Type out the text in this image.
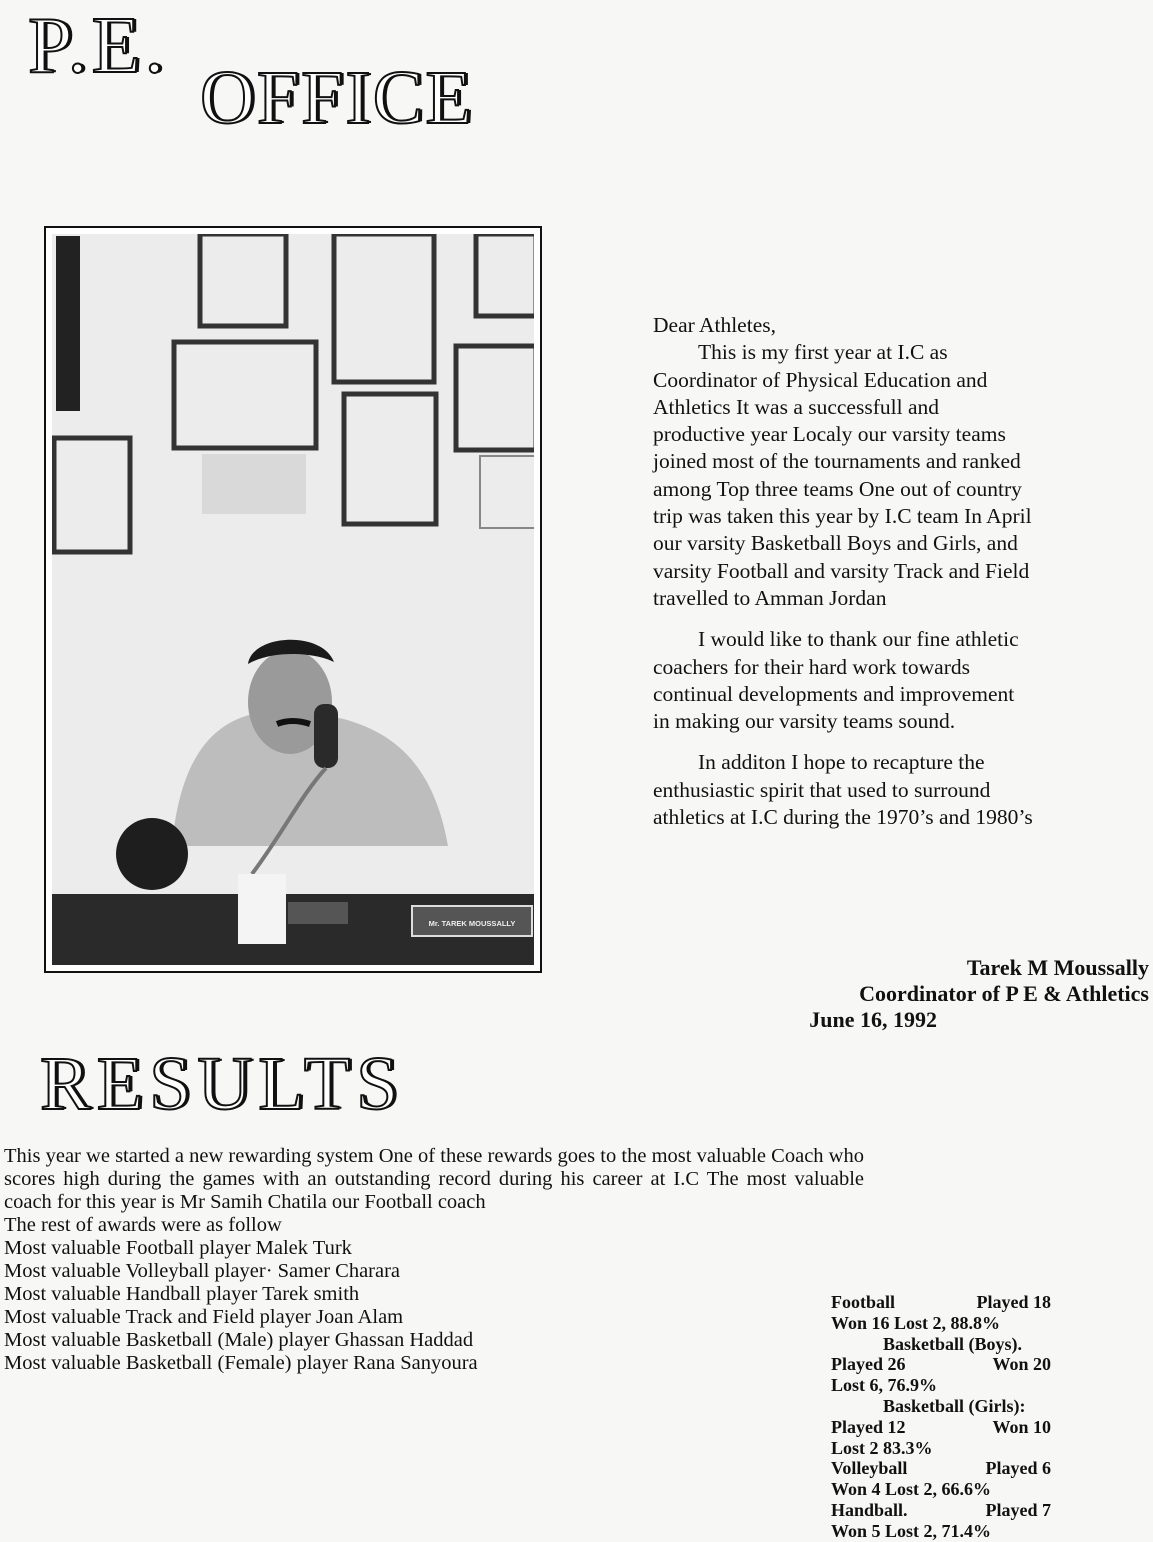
P.E.
OFFICE
Mr. TAREK MOUSSALLY

Dear Athletes,

This is my first year at I.C as Coordinator of Physical Education and Athletics It was a successfull and productive year Localy our varsity teams joined most of the tournaments and ranked among Top three teams One out of country trip was taken this year by I.C team In April our varsity Basketball Boys and Girls, and varsity Football and varsity Track and Field travelled to Amman Jordan

I would like to thank our fine athletic coachers for their hard work towards continual developments and improvement in making our varsity teams sound.

In additon I hope to recapture the enthusiastic spirit that used to surround athletics at I.C during the 1970’s and 1980’s

Tarek M Moussally
Coordinator of P E & Athletics
June 16, 1992
RESULTS

This year we started a new rewarding system One of these rewards goes to the most valuable Coach who scores high during the games with an outstanding record during his career at I.C The most valuable coach for this year is Mr Samih Chatila our Football coach

The rest of awards were as follow
Most valuable Football player Malek Turk
Most valuable Volleyball player· Samer Charara
Most valuable Handball player Tarek smith
Most valuable Track and Field player Joan Alam
Most valuable Basketball (Male) player Ghassan Haddad
Most valuable Basketball (Female) player Rana Sanyoura
Football	Played 18
Won 16 Lost 2, 88.8%
Basketball (Boys).
Played 26	Won 20
Lost 6, 76.9%
Basketball (Girls):
Played 12	Won 10
Lost 2 83.3%
Volleyball	Played 6
Won 4 Lost 2, 66.6%
Handball.	Played 7
Won 5 Lost 2, 71.4%
